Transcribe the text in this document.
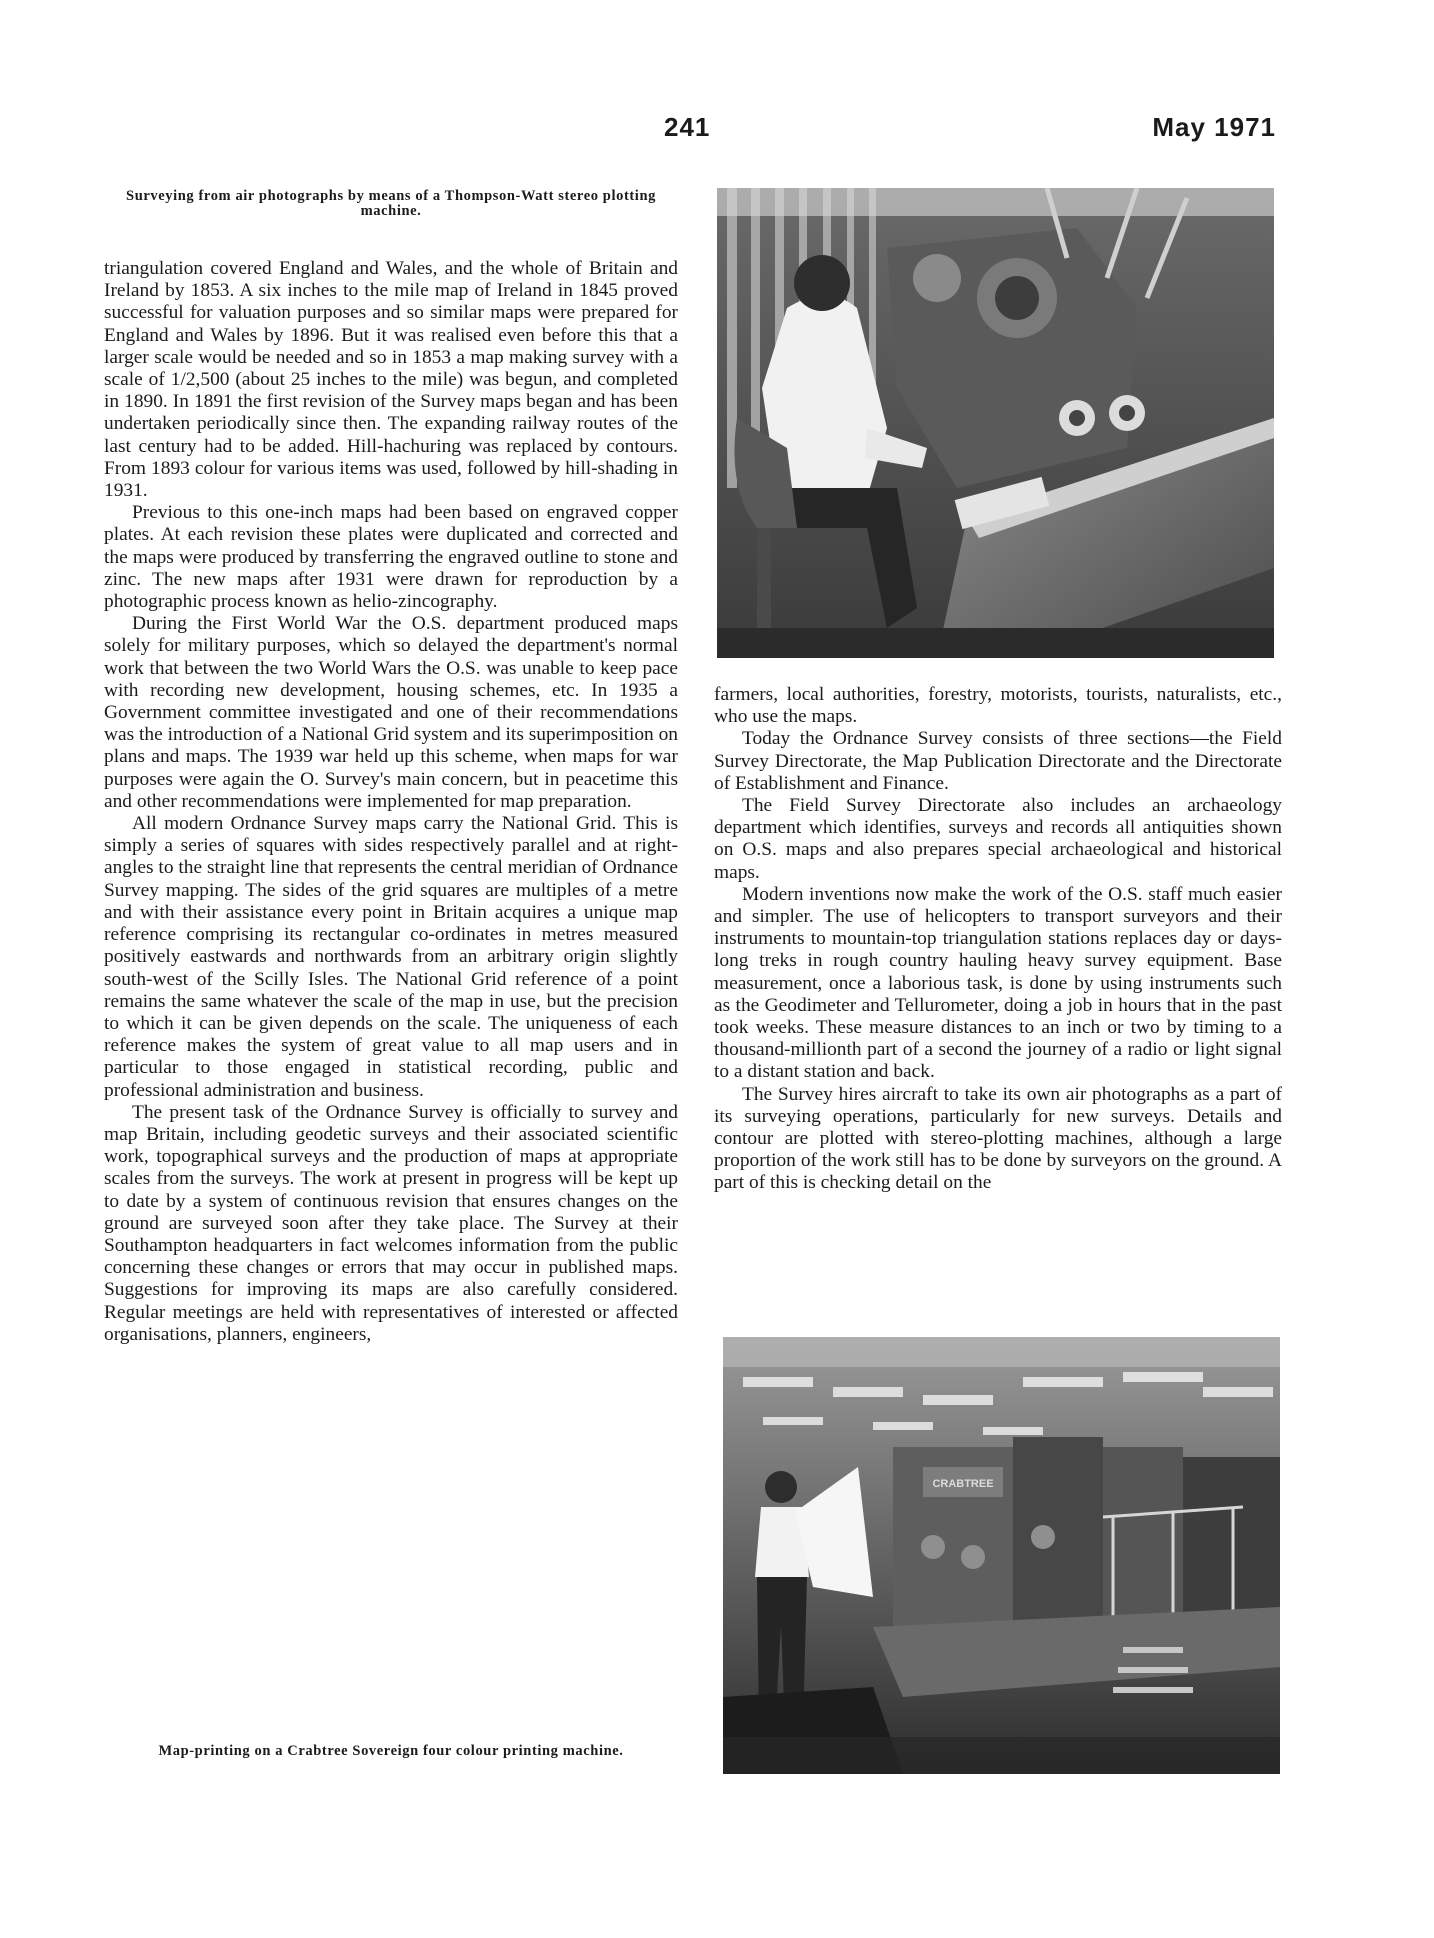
241	May 1971
Surveying from air photographs by means of a Thompson-Watt stereo plotting machine.

triangulation covered England and Wales, and the whole of Britain and Ireland by 1853. A six inches to the mile map of Ireland in 1845 proved successful for valuation purposes and so similar maps were prepared for England and Wales by 1896. But it was realised even before this that a larger scale would be needed and so in 1853 a map making survey with a scale of 1/2,500 (about 25 inches to the mile) was begun, and completed in 1890. In 1891 the first revision of the Survey maps began and has been undertaken periodically since then. The expanding railway routes of the last century had to be added. Hill-hachuring was replaced by contours. From 1893 colour for various items was used, followed by hill-shading in 1931.

Previous to this one-inch maps had been based on engraved copper plates. At each revision these plates were duplicated and corrected and the maps were produced by transferring the engraved outline to stone and zinc. The new maps after 1931 were drawn for reproduction by a photographic process known as helio-zincography.

During the First World War the O.S. department produced maps solely for military purposes, which so delayed the department's normal work that between the two World Wars the O.S. was unable to keep pace with recording new development, housing schemes, etc. In 1935 a Government committee investigated and one of their recommendations was the introduction of a National Grid system and its superimposition on plans and maps. The 1939 war held up this scheme, when maps for war purposes were again the O. Survey's main concern, but in peacetime this and other recommendations were implemented for map preparation.

All modern Ordnance Survey maps carry the National Grid. This is simply a series of squares with sides respectively parallel and at right-angles to the straight line that represents the central meridian of Ordnance Survey mapping. The sides of the grid squares are multiples of a metre and with their assistance every point in Britain acquires a unique map reference comprising its rectangular co-ordinates in metres measured positively eastwards and northwards from an arbitrary origin slightly south-west of the Scilly Isles. The National Grid reference of a point remains the same whatever the scale of the map in use, but the precision to which it can be given depends on the scale. The uniqueness of each reference makes the system of great value to all map users and in particular to those engaged in statistical recording, public and professional administration and business.

The present task of the Ordnance Survey is officially to survey and map Britain, including geodetic surveys and their associated scientific work, topographical surveys and the production of maps at appropriate scales from the surveys. The work at present in progress will be kept up to date by a system of continuous revision that ensures changes on the ground are surveyed soon after they take place. The Survey at their Southampton headquarters in fact welcomes information from the public concerning these changes or errors that may occur in published maps. Suggestions for improving its maps are also carefully considered. Regular meetings are held with representatives of interested or affected organisations, planners, engineers,

farmers, local authorities, forestry, motorists, tourists, naturalists, etc., who use the maps.

Today the Ordnance Survey consists of three sections—the Field Survey Directorate, the Map Publication Directorate and the Directorate of Establishment and Finance.

The Field Survey Directorate also includes an archaeology department which identifies, surveys and records all antiquities shown on O.S. maps and also prepares special archaeological and historical maps.

Modern inventions now make the work of the O.S. staff much easier and simpler. The use of helicopters to transport surveyors and their instruments to mountain-top triangulation stations replaces day or days-long treks in rough country hauling heavy survey equipment. Base measurement, once a laborious task, is done by using instruments such as the Geodimeter and Tellurometer, doing a job in hours that in the past took weeks. These measure distances to an inch or two by timing to a thousand-millionth part of a second the journey of a radio or light signal to a distant station and back.

The Survey hires aircraft to take its own air photographs as a part of its surveying operations, particularly for new surveys. Details and contour are plotted with stereo-plotting machines, although a large proportion of the work still has to be done by surveyors on the ground. A part of this is checking detail on the

CRABTREE
Map-printing on a Crabtree Sovereign four colour printing machine.
